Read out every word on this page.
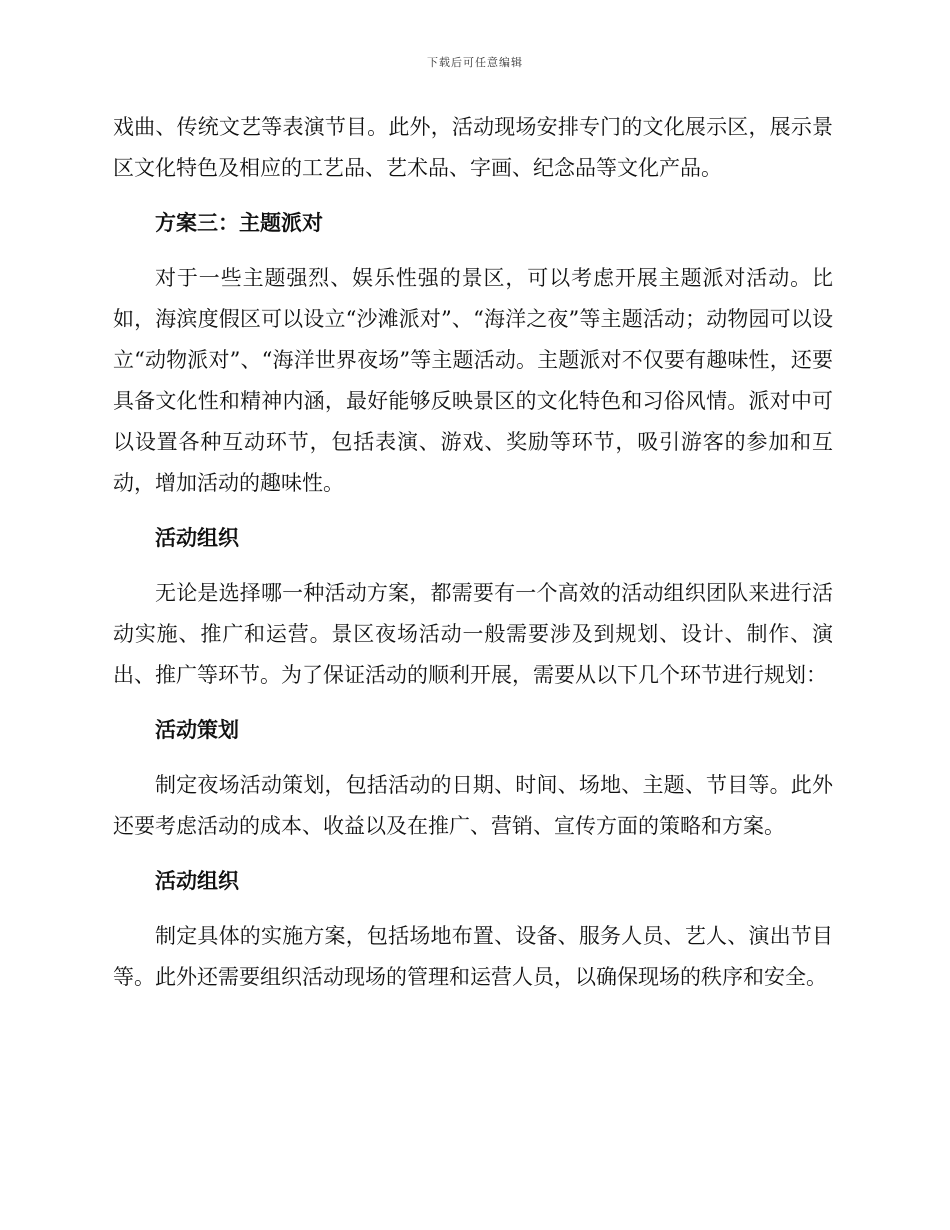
下载后可任意编辑

戏曲、传统文艺等表演节目。此外，活动现场安排专门的文化展示区，展示景区文化特色及相应的工艺品、艺术品、字画、纪念品等文化产品。

方案三：主题派对

对于一些主题强烈、娱乐性强的景区，可以考虑开展主题派对活动。比如，海滨度假区可以设立“沙滩派对”、“海洋之夜”等主题活动；动物园可以设立“动物派对”、“海洋世界夜场”等主题活动。主题派对不仅要有趣味性，还要具备文化性和精神内涵，最好能够反映景区的文化特色和习俗风情。派对中可以设置各种互动环节，包括表演、游戏、奖励等环节，吸引游客的参加和互动，增加活动的趣味性。

活动组织

无论是选择哪一种活动方案，都需要有一个高效的活动组织团队来进行活动实施、推广和运营。景区夜场活动一般需要涉及到规划、设计、制作、演出、推广等环节。为了保证活动的顺利开展，需要从以下几个环节进行规划：

活动策划

制定夜场活动策划，包括活动的日期、时间、场地、主题、节目等。此外还要考虑活动的成本、收益以及在推广、营销、宣传方面的策略和方案。

活动组织

制定具体的实施方案，包括场地布置、设备、服务人员、艺人、演出节目等。此外还需要组织活动现场的管理和运营人员，以确保现场的秩序和安全。
